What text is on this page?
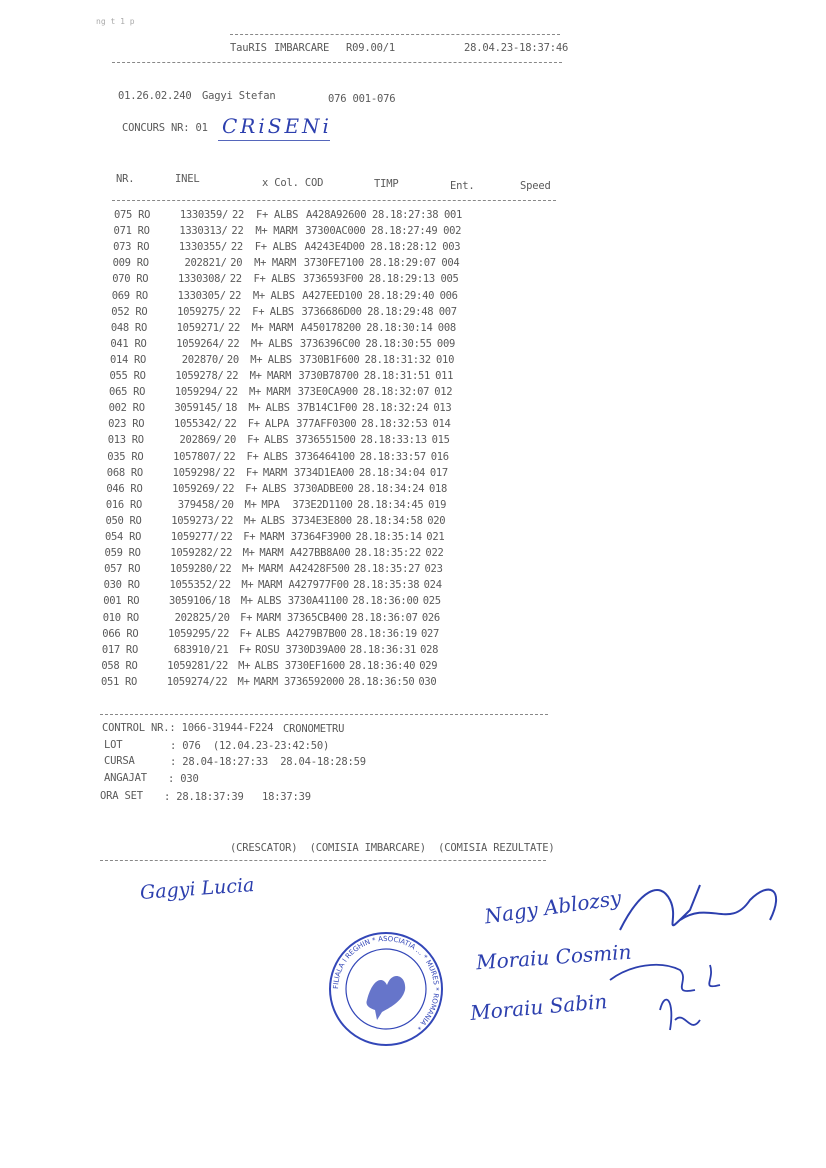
ng t 1 p
TauRIS IMBARCARE R09.00/1	28.04.23-18:37:46
01.26.02.240 Gagyi Stefan	076 001-076
CONCURS NR: 01 CRiSENi
NR.	INEL	x Col. COD	TIMP	Ent.	Speed
075 RO	1330359/ 22 F+ ALBS A428A92600 28.18:27:38 001
071 RO	1330313/ 22 M+ MARM 37300AC000 28.18:27:49 002
073 RO	1330355/ 22 F+ ALBS A4243E4D00 28.18:28:12 003
009 RO	202821/ 20 M+ MARM 3730FE7100 28.18:29:07 004
070 RO	1330308/ 22 F+ ALBS 3736593F00 28.18:29:13 005
069 RO	1330305/ 22 M+ ALBS A427EED100 28.18:29:40 006
052 RO	1059275/ 22 F+ ALBS 3736686D00 28.18:29:48 007
048 RO	1059271/ 22 M+ MARM A450178200 28.18:30:14 008
041 RO	1059264/ 22 M+ ALBS 3736396C00 28.18:30:55 009
014 RO	202870/ 20 M+ ALBS 3730B1F600 28.18:31:32 010
055 RO	1059278/ 22 M+ MARM 3730B78700 28.18:31:51 011
065 RO	1059294/ 22 M+ MARM 373E0CA900 28.18:32:07 012
002 RO	3059145/ 18 M+ ALBS 37B14C1F00 28.18:32:24 013
023 RO	1055342/ 22 F+ ALPA 377AFF0300 28.18:32:53 014
013 RO	202869/ 20 F+ ALBS 3736551500 28.18:33:13 015
035 RO	1057807/ 22 F+ ALBS 3736464100 28.18:33:57 016
068 RO	1059298/ 22 F+ MARM 3734D1EA00 28.18:34:04 017
046 RO	1059269/ 22 F+ ALBS 3730ADBE00 28.18:34:24 018
016 RO	379458/ 20 M+ MPA 373E2D1100 28.18:34:45 019
050 RO	1059273/ 22 M+ ALBS 3734E3E800 28.18:34:58 020
054 RO	1059277/ 22 F+ MARM 37364F3900 28.18:35:14 021
059 RO	1059282/ 22 M+ MARM A427BB8A00 28.18:35:22 022
057 RO	1059280/ 22 M+ MARM A42428F500 28.18:35:27 023
030 RO	1055352/ 22 M+ MARM A427977F00 28.18:35:38 024
001 RO	3059106/ 18 M+ ALBS 3730A41100 28.18:36:00 025
010 RO	202825/ 20 F+ MARM 37365CB400 28.18:36:07 026
066 RO	1059295/ 22 F+ ALBS A4279B7B00 28.18:36:19 027
017 RO	683910/ 21 F+ ROSU 3730D39A00 28.18:36:31 028
058 RO	1059281/ 22 M+ ALBS 3730EF1600 28.18:36:40 029
051 RO	1059274/ 22 M+ MARM 3736592000 28.18:36:50 030
CONTROL NR.: 1066-31944-F224 CRONOMETRU
LOT	: 076  (12.04.23-23:42:50)
CURSA	: 28.04-18:27:33  28.04-18:28:59
ANGAJAT : 030
ORA SET : 28.18:37:39   18:37:39
(CRESCATOR)  (COMISIA IMBARCARE)  (COMISIA REZULTATE)
Gagyi Lucia	Nagy Ablozsy
Moraiu Cosmin
Moraiu Sabin
FILIALA I REGHIN * ASOCIATIA ... * MURES * ROMANIA *
